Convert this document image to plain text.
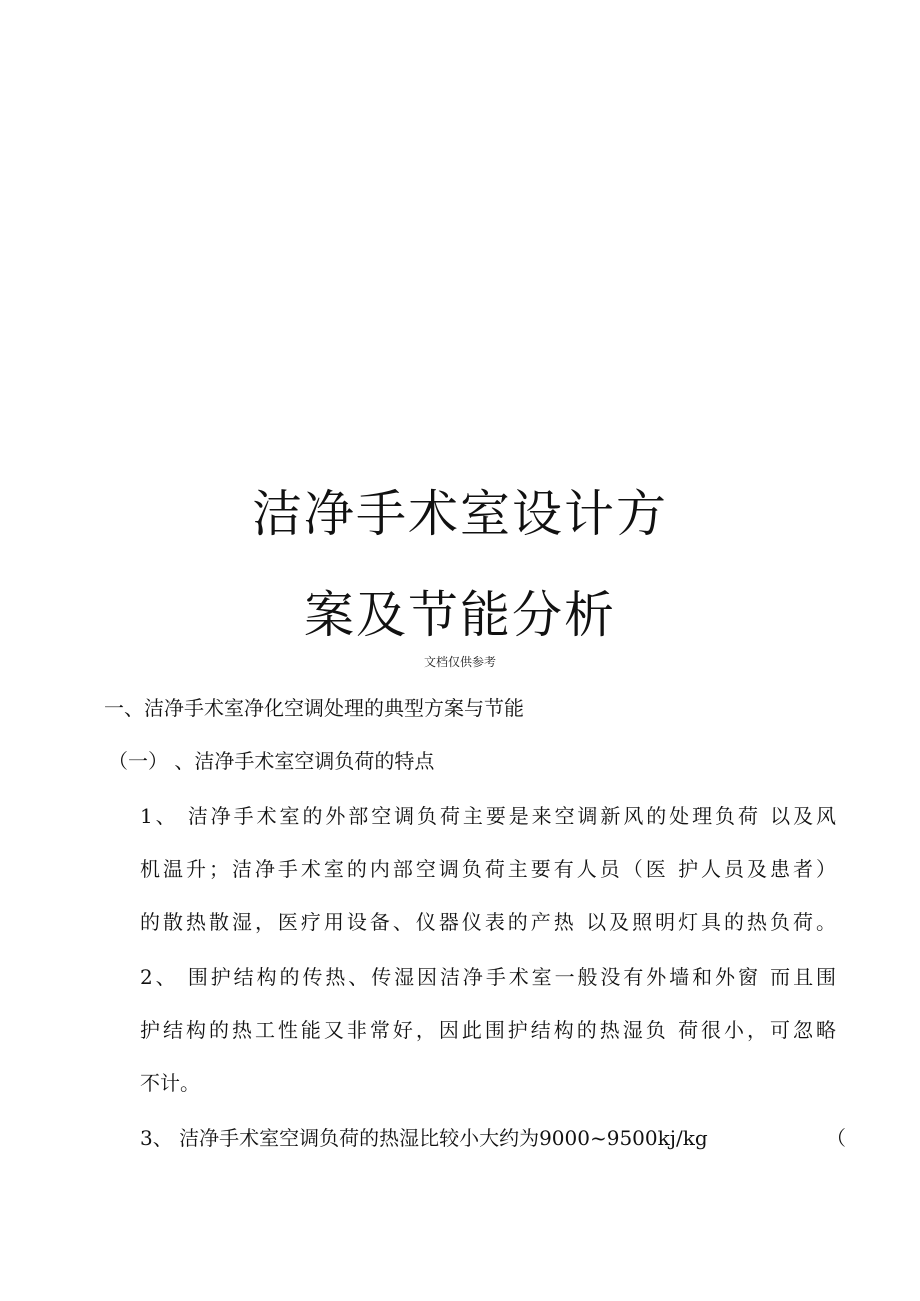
洁净手术室设计方
案及节能分析
文档仅供参考
一、洁净手术室净化空调处理的典型方案与节能
（一） 、洁净手术室空调负荷的特点
1、 洁净手术室的外部空调负荷主要是来空调新风的处理负荷 以及风
机温升；洁净手术室的内部空调负荷主要有人员（医 护人员及患者）
的散热散湿，医疗用设备、仪器仪表的产热 以及照明灯具的热负荷。
2、 围护结构的传热、传湿因洁净手术室一般没有外墙和外窗 而且围
护结构的热工性能又非常好，因此围护结构的热湿负 荷很小，可忽略
不计。
3、 洁净手术室空调负荷的热湿比较小大约为9000~9500kj/kg	（
